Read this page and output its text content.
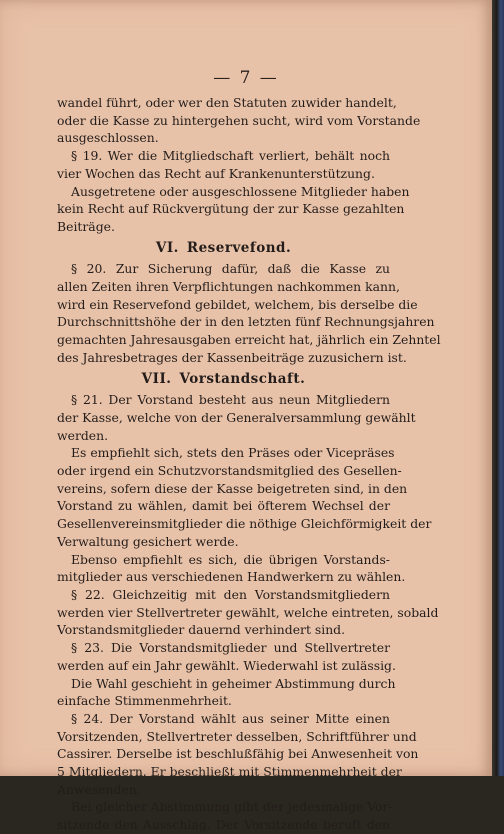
— 7 —
wandel führt, oder wer den Statuten zuwider handelt,
oder die Kasse zu hintergehen sucht, wird vom Vorstande
ausgeschlossen.
§ 19. Wer die Mitgliedschaft verliert, behält noch
vier Wochen das Recht auf Krankenunterstützung.
Ausgetretene oder ausgeschlossene Mitglieder haben
kein Recht auf Rückvergütung der zur Kasse gezahlten
Beiträge.
VI. Reservefond.
§ 20. Zur Sicherung dafür, daß die Kasse zu
allen Zeiten ihren Verpflichtungen nachkommen kann,
wird ein Reservefond gebildet, welchem, bis derselbe die
Durchschnittshöhe der in den letzten fünf Rechnungsjahren
gemachten Jahresausgaben erreicht hat, jährlich ein Zehntel
des Jahresbetrages der Kassenbeiträge zuzusichern ist.
VII. Vorstandschaft.
§ 21. Der Vorstand besteht aus neun Mitgliedern
der Kasse, welche von der Generalversammlung gewählt
werden.
Es empfiehlt sich, stets den Präses oder Vicepräses
oder irgend ein Schutzvorstandsmitglied des Gesellen-
vereins, sofern diese der Kasse beigetreten sind, in den
Vorstand zu wählen, damit bei öfterem Wechsel der
Gesellenvereinsmitglieder die nöthige Gleichförmigkeit der
Verwaltung gesichert werde.
Ebenso empfiehlt es sich, die übrigen Vorstands-
mitglieder aus verschiedenen Handwerkern zu wählen.
§ 22. Gleichzeitig mit den Vorstandsmitgliedern
werden vier Stellvertreter gewählt, welche eintreten, sobald
Vorstandsmitglieder dauernd verhindert sind.
§ 23. Die Vorstandsmitglieder und Stellvertreter
werden auf ein Jahr gewählt. Wiederwahl ist zulässig.
Die Wahl geschieht in geheimer Abstimmung durch
einfache Stimmenmehrheit.
§ 24. Der Vorstand wählt aus seiner Mitte einen
Vorsitzenden, Stellvertreter desselben, Schriftführer und
Cassirer. Derselbe ist beschlußfähig bei Anwesenheit von
5 Mitgliedern. Er beschließt mit Stimmenmehrheit der
Anwesenden.
Bei gleicher Abstimmung gibt der jedesmalige Vor-
sitzende den Ausschlag. Der Vorsitzende beruft den
